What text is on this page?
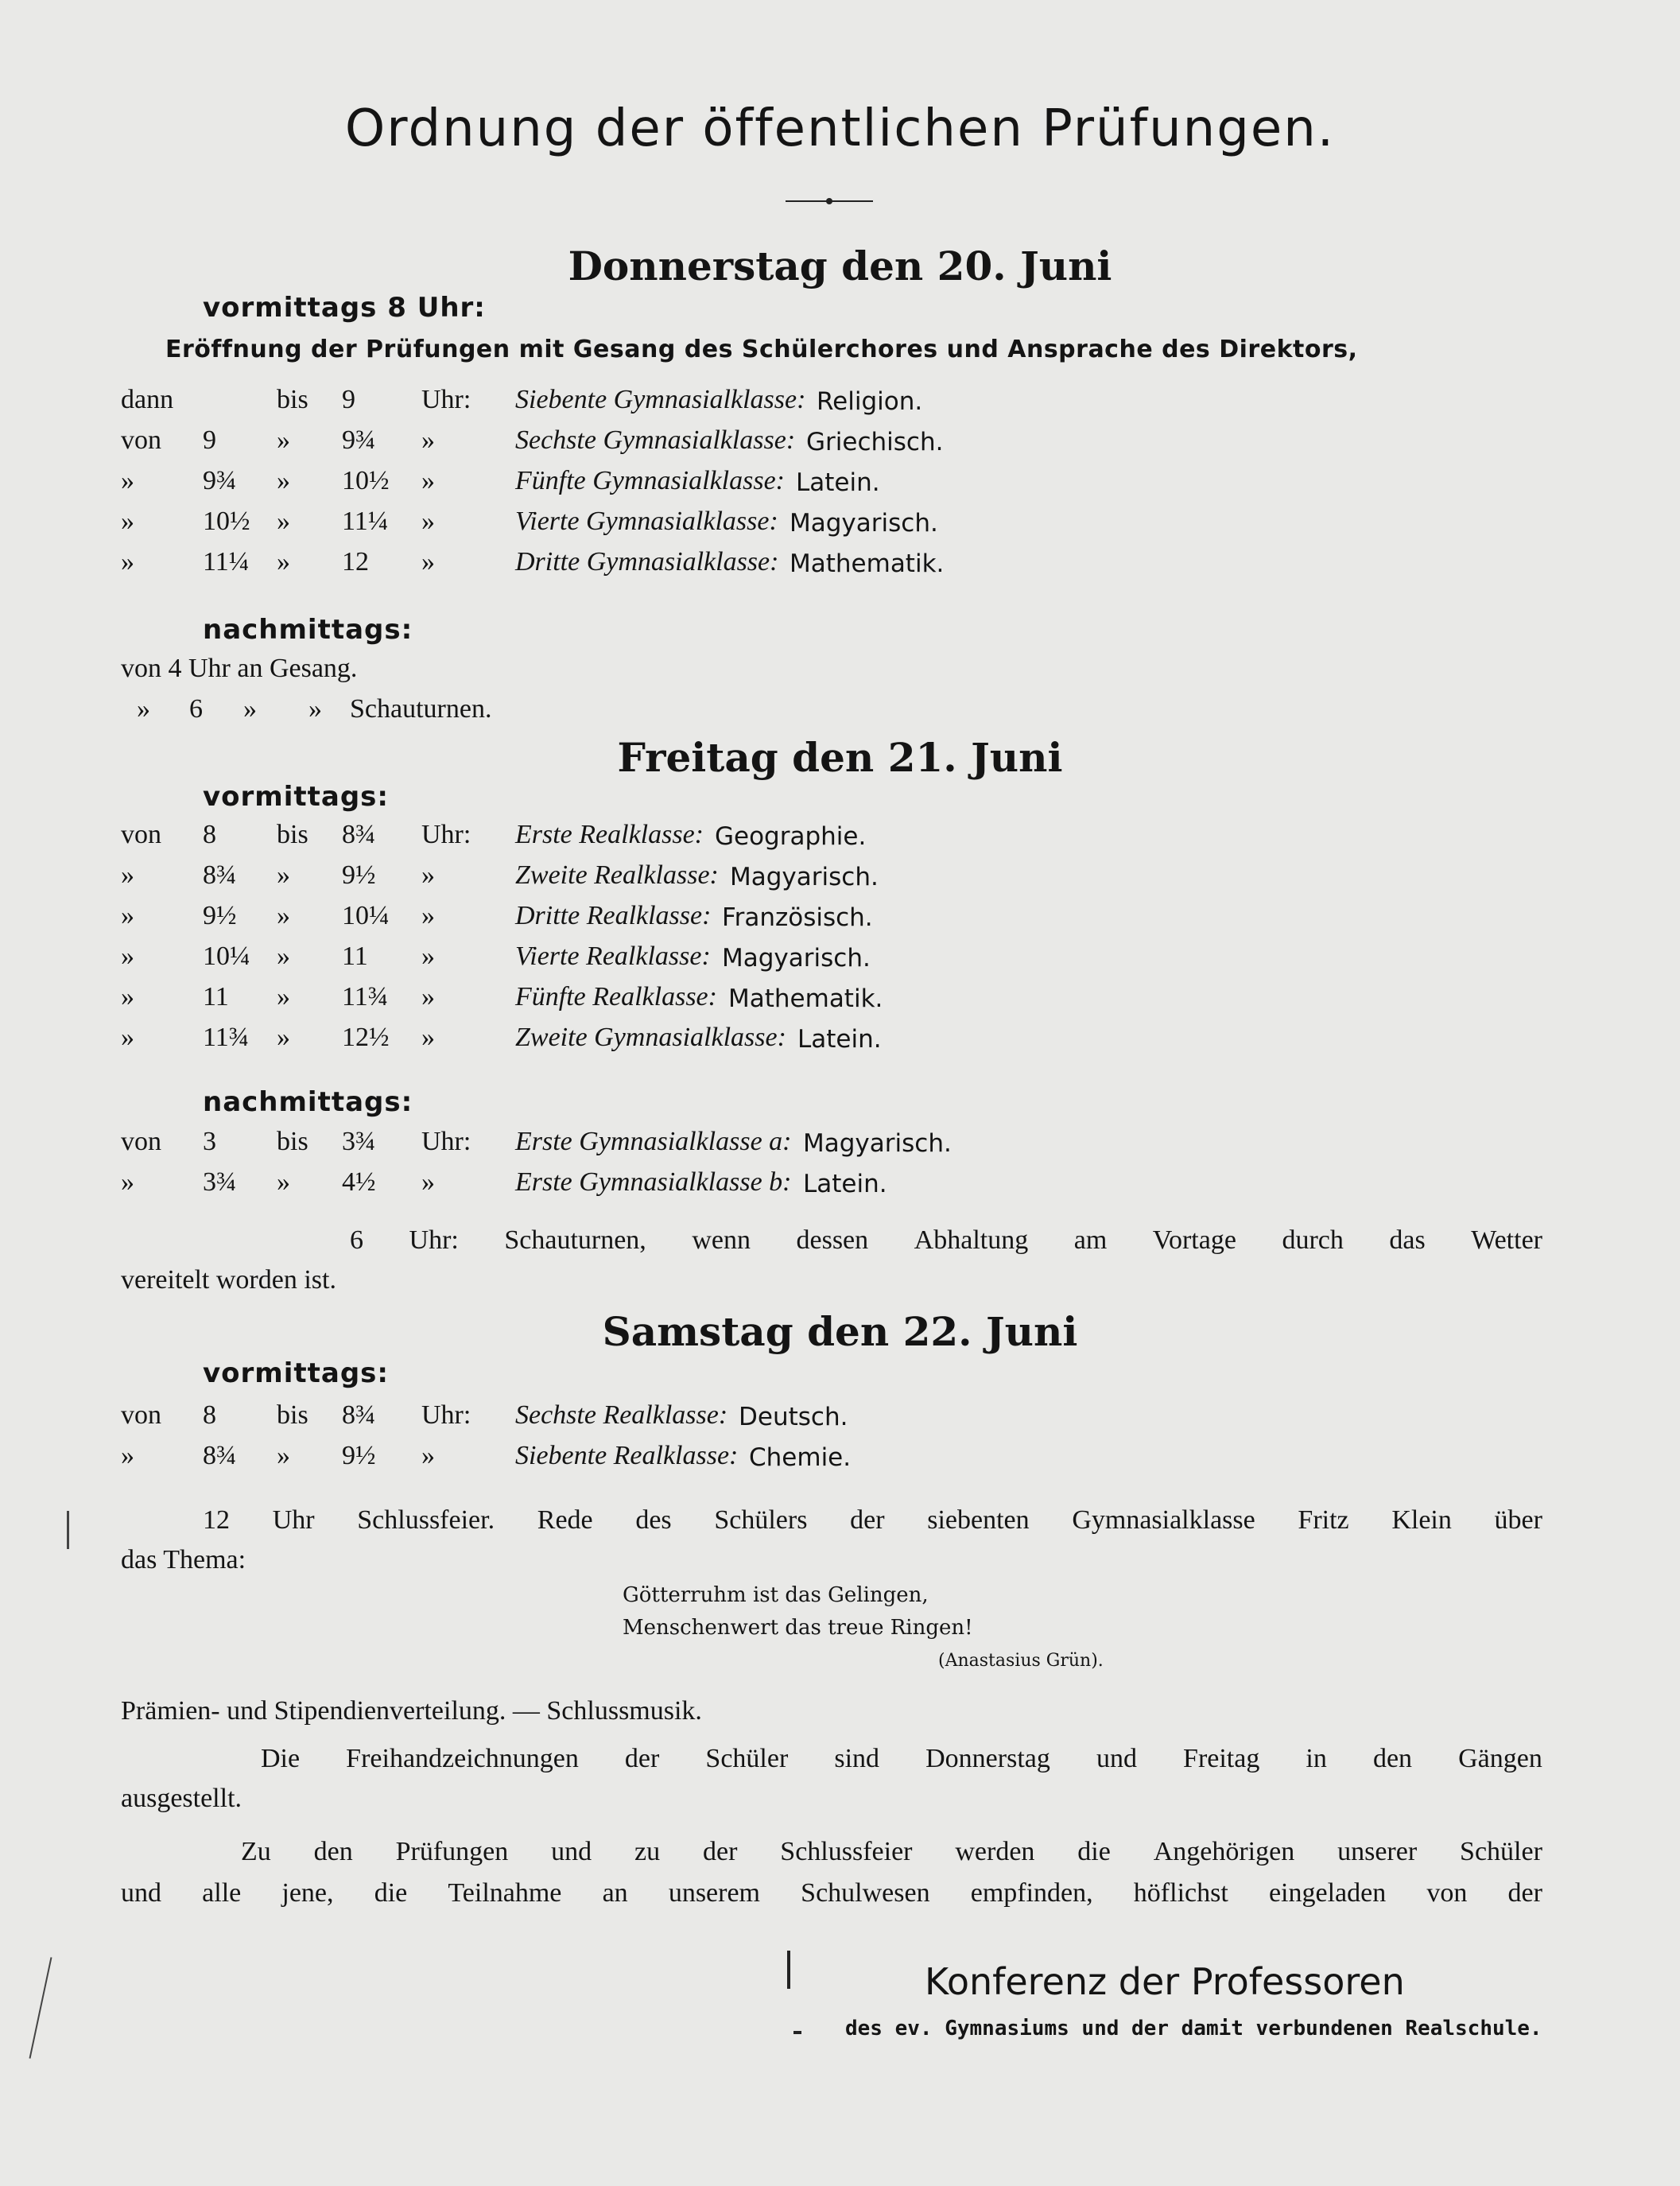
Ordnung der öffentlichen Prüfungen.
Donnerstag den 20. Juni
vormittags 8 Uhr:
Eröffnung der Prüfungen mit Gesang des Schülerchores und Ansprache des Direktors,
dann	bis 9 Uhr: Siebente Gymnasialklasse: Religion.
von 9 » 9¾ »	Sechste Gymnasialklasse: Griechisch.
»	9¾ » 10½ »	Fünfte Gymnasialklasse: Latein.
»	10½ » 11¼ »	Vierte Gymnasialklasse: Magyarisch.
»	11¼ » 12 »	Dritte Gymnasialklasse: Mathematik.
nachmittags:
von 4 Uhr an Gesang.
» 6 » » Schauturnen.
Freitag den 21. Juni
vormittags:
von 8 bis 8¾ Uhr: Erste Realklasse: Geographie.
»	8¾ » 9½ »	Zweite Realklasse: Magyarisch.
»	9½ » 10¼ »	Dritte Realklasse: Französisch.
»	10¼ » 11 »	Vierte Realklasse: Magyarisch.
»	11 » 11¾ »	Fünfte Realklasse: Mathematik.
»	11¾ » 12½ »	Zweite Gymnasialklasse: Latein.
nachmittags:
von 3 bis 3¾ Uhr: Erste Gymnasialklasse a: Magyarisch.
»	3¾ » 4½ »	Erste Gymnasialklasse b: Latein.
6 Uhr: Schauturnen, wenn dessen Abhaltung am Vortage durch das Wetter
vereitelt worden ist.
Samstag den 22. Juni
vormittags:
von 8 bis 8¾ Uhr: Sechste Realklasse: Deutsch.
»	8¾ » 9½ »	Siebente Realklasse: Chemie.
12 Uhr Schlussfeier. Rede des Schülers der siebenten Gymnasialklasse Fritz Klein über
das Thema:
Götterruhm ist das Gelingen,
Menschenwert das treue Ringen!
(Anastasius Grün).
Prämien- und Stipendienverteilung. — Schlussmusik.
Die Freihandzeichnungen der Schüler sind Donnerstag und Freitag in den Gängen
ausgestellt.
Zu den Prüfungen und zu der Schlussfeier werden die Angehörigen unserer Schüler
und alle jene, die Teilnahme an unserem Schulwesen empfinden, höflichst eingeladen von der
Konferenz der Professoren
des ev. Gymnasiums und der damit verbundenen Realschule.
